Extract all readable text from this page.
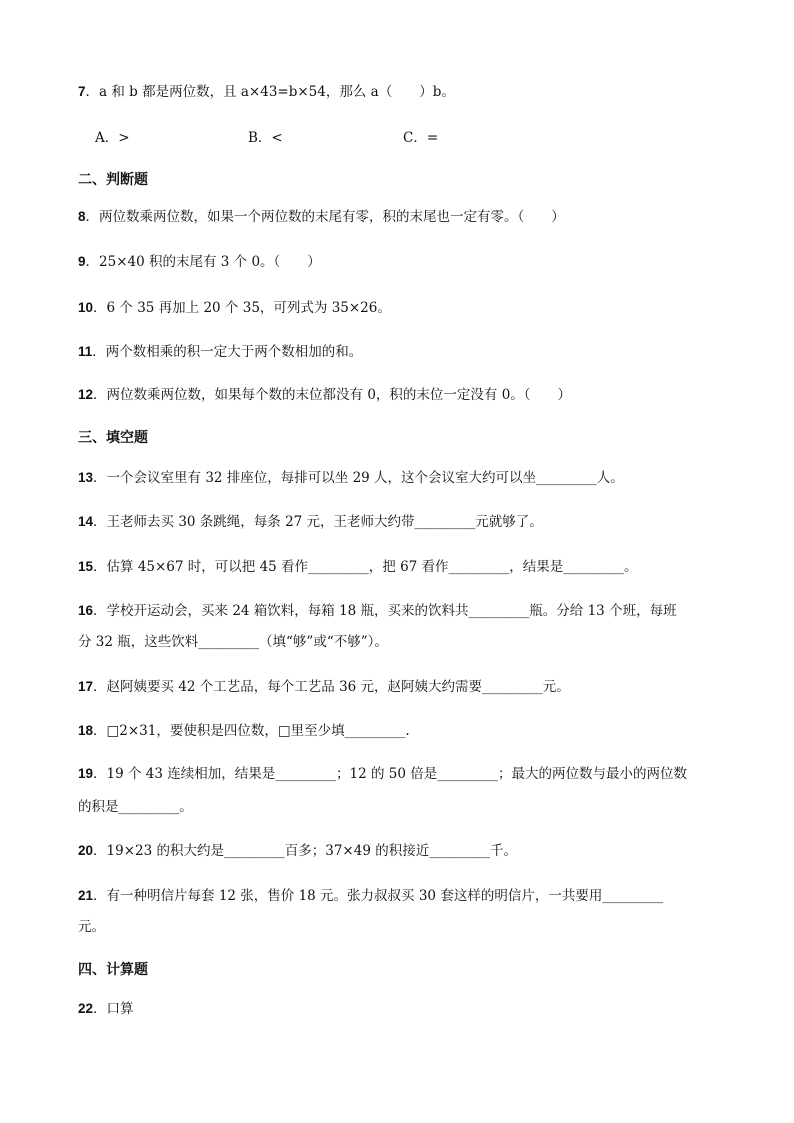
7．a 和 b 都是两位数，且 a×43=b×54，那么 a（　　）b。
A．>	B．<	C．=
二、判断题
8．两位数乘两位数，如果一个两位数的末尾有零，积的末尾也一定有零。（　　）
9．25×40 积的末尾有 3 个 0。（　　）
10．6 个 35 再加上 20 个 35，可列式为 35×26。
11．两个数相乘的积一定大于两个数相加的和。
12．两位数乘两位数，如果每个数的末位都没有 0，积的末位一定没有 0。（　　）
三、填空题
13．一个会议室里有 32 排座位，每排可以坐 29 人，这个会议室大约可以坐_________人。
14．王老师去买 30 条跳绳，每条 27 元，王老师大约带_________元就够了。
15．估算 45×67 时，可以把 45 看作_________，把 67 看作_________，结果是_________。
16．学校开运动会，买来 24 箱饮料，每箱 18 瓶，买来的饮料共_________瓶。分给 13 个班，每班
分 32 瓶，这些饮料_________（填“够”或“不够”）。
17．赵阿姨要买 42 个工艺品，每个工艺品 36 元，赵阿姨大约需要_________元。
18．□2×31，要使积是四位数，□里至少填_________.
19．19 个 43 连续相加，结果是_________；12 的 50 倍是_________；最大的两位数与最小的两位数
的积是_________。
20．19×23 的积大约是_________百多；37×49 的积接近_________千。
21．有一种明信片每套 12 张，售价 18 元。张力叔叔买 30 套这样的明信片，一共要用_________
元。
四、计算题
22．口算
